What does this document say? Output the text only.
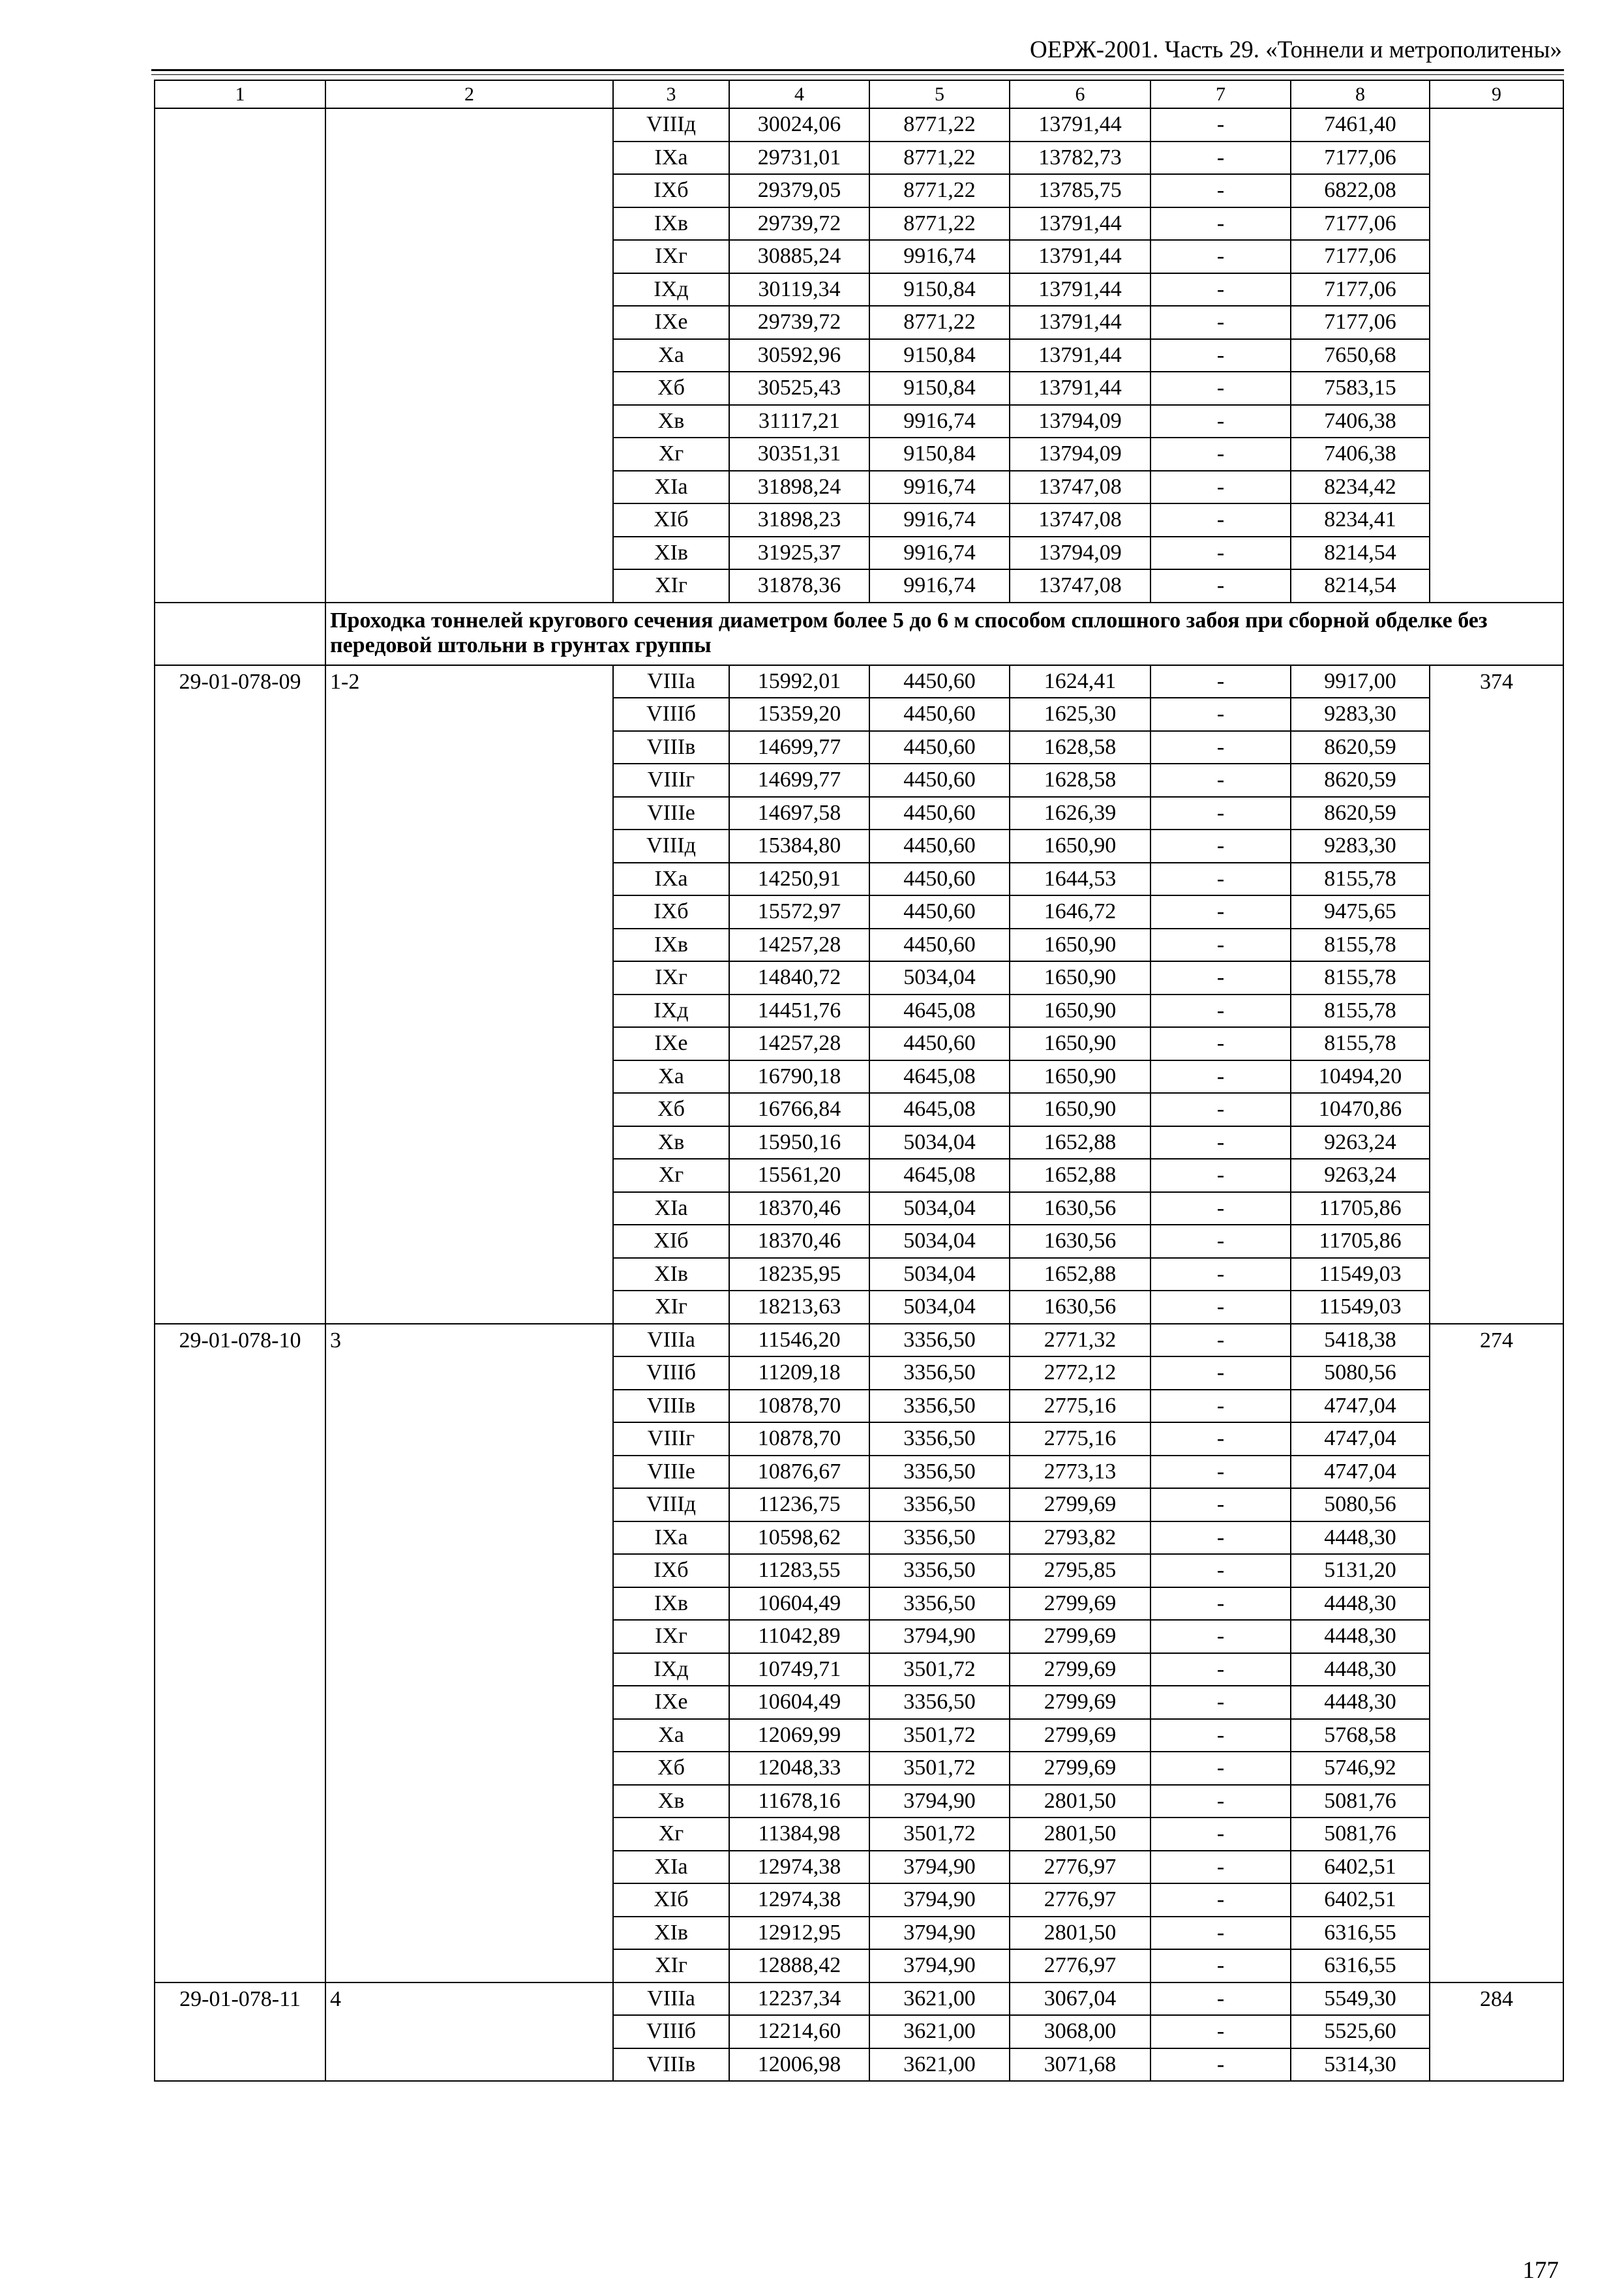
ОЕРЖ-2001. Часть 29. «Тоннели и метрополитены»
1	2	3	4	5	6	7	8	9
		VIIIд	30024,06	8771,22	13791,44	-	7461,40	
		IXа	29731,01	8771,22	13782,73	-	7177,06	
		IXб	29379,05	8771,22	13785,75	-	6822,08	
		IXв	29739,72	8771,22	13791,44	-	7177,06	
		IXг	30885,24	9916,74	13791,44	-	7177,06	
		IXд	30119,34	9150,84	13791,44	-	7177,06	
		IXе	29739,72	8771,22	13791,44	-	7177,06	
		Xа	30592,96	9150,84	13791,44	-	7650,68	
		Xб	30525,43	9150,84	13791,44	-	7583,15	
		Xв	31117,21	9916,74	13794,09	-	7406,38	
		Xг	30351,31	9150,84	13794,09	-	7406,38	
		XIа	31898,24	9916,74	13747,08	-	8234,42	
		XIб	31898,23	9916,74	13747,08	-	8234,41	
		XIв	31925,37	9916,74	13794,09	-	8214,54	
		XIг	31878,36	9916,74	13747,08	-	8214,54	
	Проходка тоннелей кругового сечения диаметром более 5 до 6 м способом сплошного забоя при сборной обделке без передовой штольни в грунтах группы							
29-01-078-09	1-2	VIIIа	15992,01	4450,60	1624,41	-	9917,00	374
		VIIIб	15359,20	4450,60	1625,30	-	9283,30	
		VIIIв	14699,77	4450,60	1628,58	-	8620,59	
		VIIIг	14699,77	4450,60	1628,58	-	8620,59	
		VIIIе	14697,58	4450,60	1626,39	-	8620,59	
		VIIIд	15384,80	4450,60	1650,90	-	9283,30	
		IXа	14250,91	4450,60	1644,53	-	8155,78	
		IXб	15572,97	4450,60	1646,72	-	9475,65	
		IXв	14257,28	4450,60	1650,90	-	8155,78	
		IXг	14840,72	5034,04	1650,90	-	8155,78	
		IXд	14451,76	4645,08	1650,90	-	8155,78	
		IXе	14257,28	4450,60	1650,90	-	8155,78	
		Xа	16790,18	4645,08	1650,90	-	10494,20	
		Xб	16766,84	4645,08	1650,90	-	10470,86	
		Xв	15950,16	5034,04	1652,88	-	9263,24	
		Xг	15561,20	4645,08	1652,88	-	9263,24	
		XIа	18370,46	5034,04	1630,56	-	11705,86	
		XIб	18370,46	5034,04	1630,56	-	11705,86	
		XIв	18235,95	5034,04	1652,88	-	11549,03	
		XIг	18213,63	5034,04	1630,56	-	11549,03	
29-01-078-10	3	VIIIа	11546,20	3356,50	2771,32	-	5418,38	274
		VIIIб	11209,18	3356,50	2772,12	-	5080,56	
		VIIIв	10878,70	3356,50	2775,16	-	4747,04	
		VIIIг	10878,70	3356,50	2775,16	-	4747,04	
		VIIIе	10876,67	3356,50	2773,13	-	4747,04	
		VIIIд	11236,75	3356,50	2799,69	-	5080,56	
		IXа	10598,62	3356,50	2793,82	-	4448,30	
		IXб	11283,55	3356,50	2795,85	-	5131,20	
		IXв	10604,49	3356,50	2799,69	-	4448,30	
		IXг	11042,89	3794,90	2799,69	-	4448,30	
		IXд	10749,71	3501,72	2799,69	-	4448,30	
		IXе	10604,49	3356,50	2799,69	-	4448,30	
		Xа	12069,99	3501,72	2799,69	-	5768,58	
		Xб	12048,33	3501,72	2799,69	-	5746,92	
		Xв	11678,16	3794,90	2801,50	-	5081,76	
		Xг	11384,98	3501,72	2801,50	-	5081,76	
		XIа	12974,38	3794,90	2776,97	-	6402,51	
		XIб	12974,38	3794,90	2776,97	-	6402,51	
		XIв	12912,95	3794,90	2801,50	-	6316,55	
		XIг	12888,42	3794,90	2776,97	-	6316,55	
29-01-078-11	4	VIIIа	12237,34	3621,00	3067,04	-	5549,30	284
		VIIIб	12214,60	3621,00	3068,00	-	5525,60	
		VIIIв	12006,98	3621,00	3071,68	-	5314,30	
177
